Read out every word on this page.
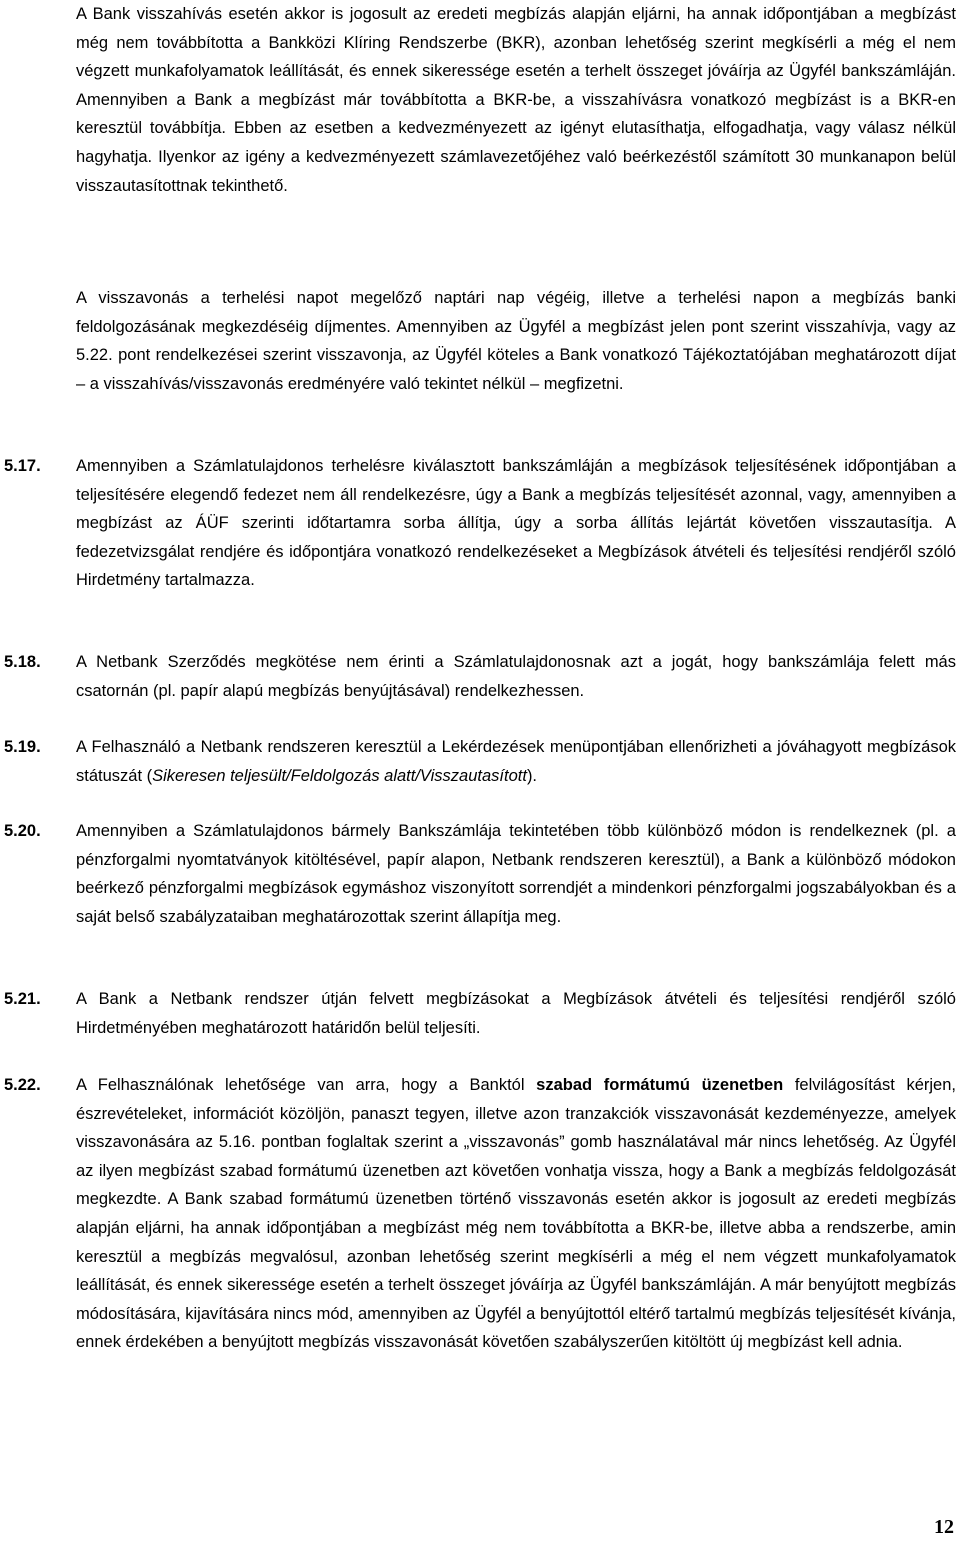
A Bank visszahívás esetén akkor is jogosult az eredeti megbízás alapján eljárni, ha annak időpontjában a megbízást még nem továbbította a Bankközi Klíring Rendszerbe (BKR), azonban lehetőség szerint megkísérli a még el nem végzett munkafolyamatok leállítását, és ennek sikeressége esetén a terhelt összeget jóváírja az Ügyfél bankszámláján. Amennyiben a Bank a megbízást már továbbította a BKR-be, a visszahívásra vonatkozó megbízást is a BKR-en keresztül továbbítja. Ebben az esetben a kedvezményezett az igényt elutasíthatja, elfogadhatja, vagy válasz nélkül hagyhatja. Ilyenkor az igény a kedvezményezett számlavezetőjéhez való beérkezéstől számított 30 munkanapon belül visszautasítottnak tekinthető.

A visszavonás a terhelési napot megelőző naptári nap végéig, illetve a terhelési napon a megbízás banki feldolgozásának megkezdéséig díjmentes. Amennyiben az Ügyfél a megbízást jelen pont szerint visszahívja, vagy az 5.22. pont rendelkezései szerint visszavonja, az Ügyfél köteles a Bank vonatkozó Tájékoztatójában meghatározott díjat – a visszahívás/visszavonás eredményére való tekintet nélkül – megfizetni.

5.17. Amennyiben a Számlatulajdonos terhelésre kiválasztott bankszámláján a megbízások teljesítésének időpontjában a teljesítésére elegendő fedezet nem áll rendelkezésre, úgy a Bank a megbízás teljesítését azonnal, vagy, amennyiben a megbízást az ÁÜF szerinti időtartamra sorba állítja, úgy a sorba állítás lejártát követően visszautasítja. A fedezetvizsgálat rendjére és időpontjára vonatkozó rendelkezéseket a Megbízások átvételi és teljesítési rendjéről szóló Hirdetmény tartalmazza.

5.18. A Netbank Szerződés megkötése nem érinti a Számlatulajdonosnak azt a jogát, hogy bankszámlája felett más csatornán (pl. papír alapú megbízás benyújtásával) rendelkezhessen.

5.19. A Felhasználó a Netbank rendszeren keresztül a Lekérdezések menüpontjában ellenőrizheti a jóváhagyott megbízások státuszát (Sikeresen teljesült/Feldolgozás alatt/Visszautasított).

5.20. Amennyiben a Számlatulajdonos bármely Bankszámlája tekintetében több különböző módon is rendelkeznek (pl. a pénzforgalmi nyomtatványok kitöltésével, papír alapon, Netbank rendszeren keresztül), a Bank a különböző módokon beérkező pénzforgalmi megbízások egymáshoz viszonyított sorrendjét a mindenkori pénzforgalmi jogszabályokban és a saját belső szabályzataiban meghatározottak szerint állapítja meg.

5.21. A Bank a Netbank rendszer útján felvett megbízásokat a Megbízások átvételi és teljesítési rendjéről szóló Hirdetményében meghatározott határidőn belül teljesíti.

5.22. A Felhasználónak lehetősége van arra, hogy a Banktól szabad formátumú üzenetben felvilágosítást kérjen, észrevételeket, információt közöljön, panaszt tegyen, illetve azon tranzakciók visszavonását kezdeményezze, amelyek visszavonására az 5.16. pontban foglaltak szerint a „visszavonás” gomb használatával már nincs lehetőség. Az Ügyfél az ilyen megbízást szabad formátumú üzenetben azt követően vonhatja vissza, hogy a Bank a megbízás feldolgozását megkezdte. A Bank szabad formátumú üzenetben történő visszavonás esetén akkor is jogosult az eredeti megbízás alapján eljárni, ha annak időpontjában a megbízást még nem továbbította a BKR-be, illetve abba a rendszerbe, amin keresztül a megbízás megvalósul, azonban lehetőség szerint megkísérli a még el nem végzett munkafolyamatok leállítását, és ennek sikeressége esetén a terhelt összeget jóváírja az Ügyfél bankszámláján. A már benyújtott megbízás módosítására, kijavítására nincs mód, amennyiben az Ügyfél a benyújtottól eltérő tartalmú megbízás teljesítését kívánja, ennek érdekében a benyújtott megbízás visszavonását követően szabályszerűen kitöltött új megbízást kell adnia.

12
